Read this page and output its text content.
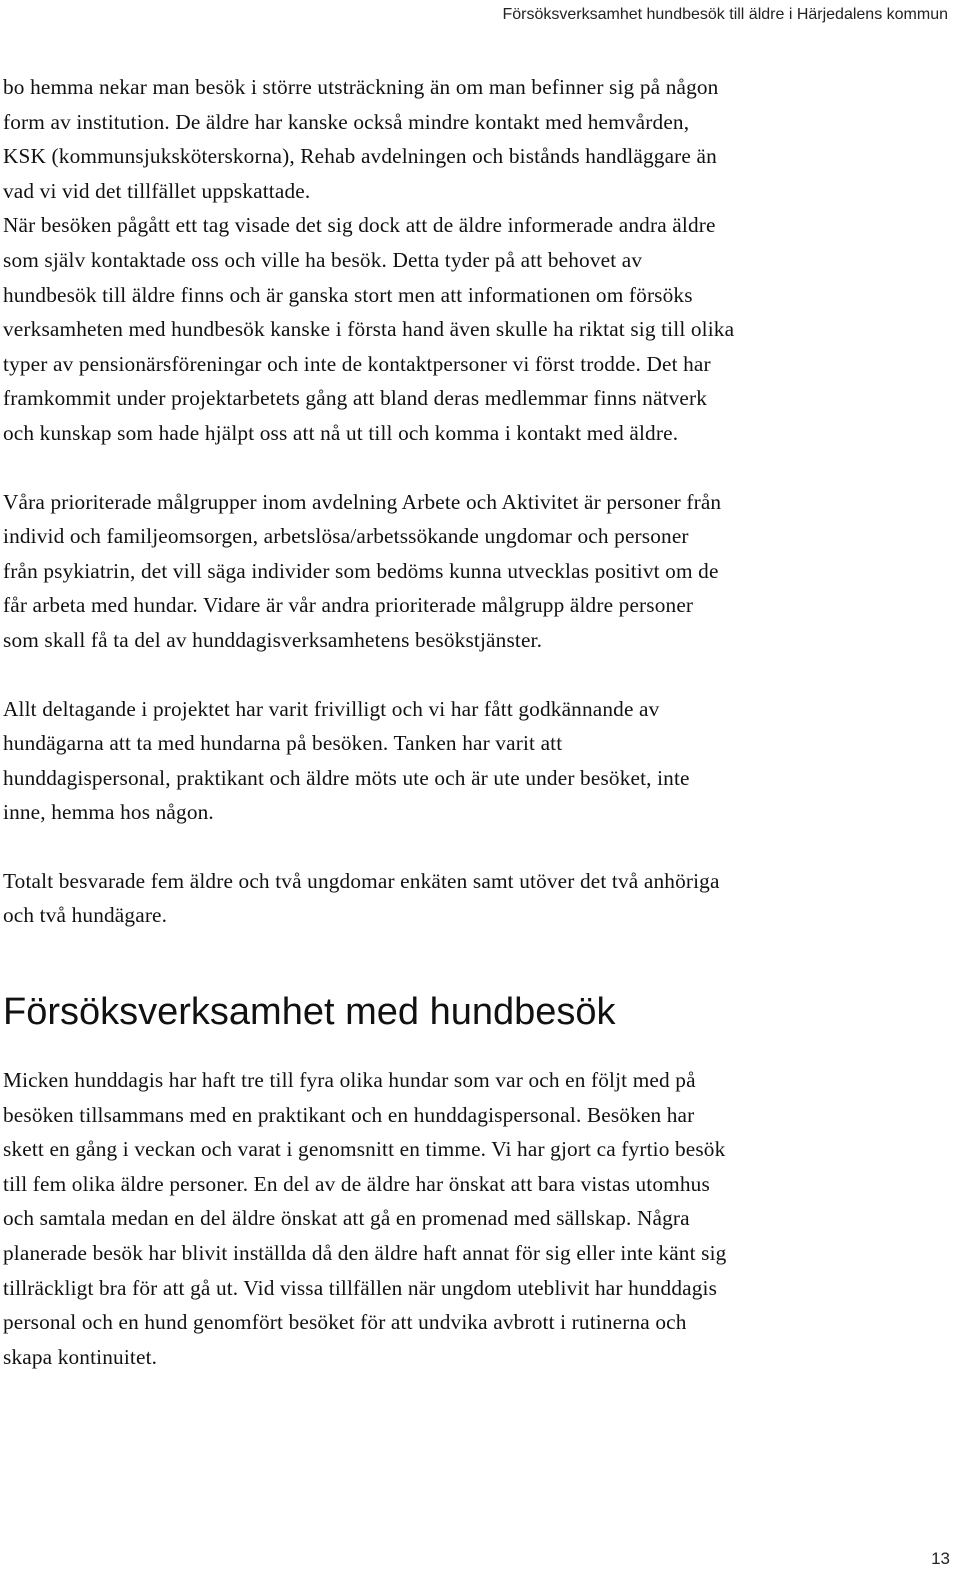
Försöksverksamhet hundbesök till äldre i Härjedalens kommun

bo hemma nekar man besök i större utsträckning än om man befinner sig på någon
form av institution. De äldre har kanske också mindre kontakt med hemvården,
KSK (kommunsjuksköterskorna), Rehab avdelningen och bistånds handläggare än
vad vi vid det tillfället uppskattade.
När besöken pågått ett tag visade det sig dock att de äldre informerade andra äldre
som själv kontaktade oss och ville ha besök. Detta tyder på att behovet av
hundbesök till äldre finns och är ganska stort men att informationen om försöks
verksamheten med hundbesök kanske i första hand även skulle ha riktat sig till olika
typer av pensionärsföreningar och inte de kontaktpersoner vi först trodde. Det har
framkommit under projektarbetets gång att bland deras medlemmar finns nätverk
och kunskap som hade hjälpt oss att nå ut till och komma i kontakt med äldre.

Våra prioriterade målgrupper inom avdelning Arbete och Aktivitet är personer från
individ och familjeomsorgen, arbetslösa/arbetssökande ungdomar och personer
från psykiatrin, det vill säga individer som bedöms kunna utvecklas positivt om de
får arbeta med hundar. Vidare är vår andra prioriterade målgrupp äldre personer
som skall få ta del av hunddagisverksamhetens besökstjänster.

Allt deltagande i projektet har varit frivilligt och vi har fått godkännande av
hundägarna att ta med hundarna på besöken. Tanken har varit att
hunddagispersonal, praktikant och äldre möts ute och är ute under besöket, inte
inne, hemma hos någon.

Totalt besvarade fem äldre och två ungdomar enkäten samt utöver det två anhöriga
och två hundägare.

Försöksverksamhet med hundbesök

Micken hunddagis har haft tre till fyra olika hundar som var och en följt med på
besöken tillsammans med en praktikant och en hunddagispersonal. Besöken har
skett en gång i veckan och varat i genomsnitt en timme. Vi har gjort ca fyrtio besök
till fem olika äldre personer. En del av de äldre har önskat att bara vistas utomhus
och samtala medan en del äldre önskat att gå en promenad med sällskap. Några
planerade besök har blivit inställda då den äldre haft annat för sig eller inte känt sig
tillräckligt bra för att gå ut. Vid vissa tillfällen när ungdom uteblivit har hunddagis
personal och en hund genomfört besöket för att undvika avbrott i rutinerna och
skapa kontinuitet.

13
